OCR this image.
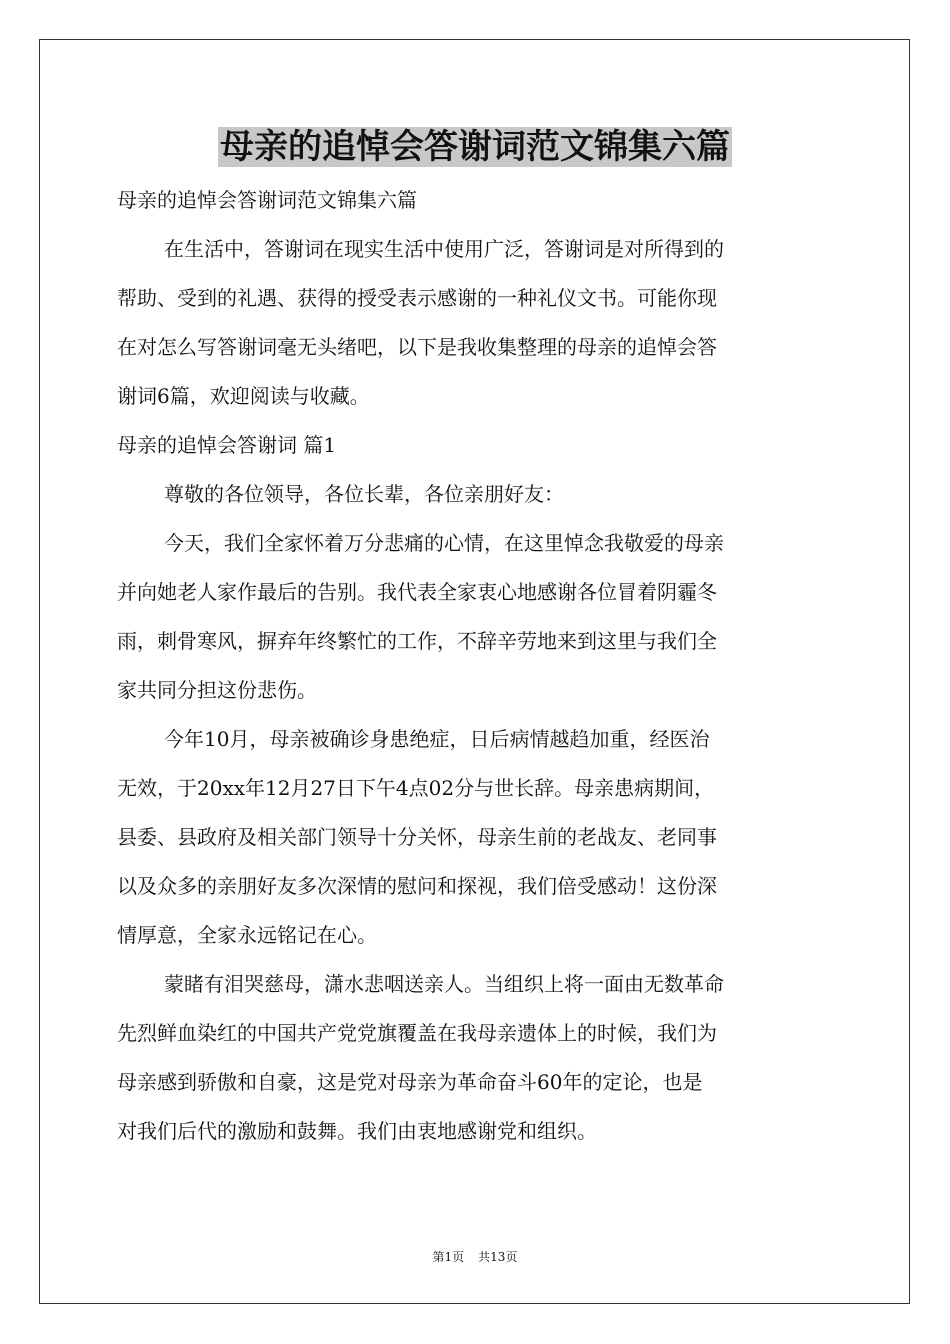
母亲的追悼会答谢词范文锦集六篇

母亲的追悼会答谢词范文锦集六篇

在生活中，答谢词在现实生活中使用广泛，答谢词是对所得到的

帮助、受到的礼遇、获得的授受表示感谢的一种礼仪文书。可能你现

在对怎么写答谢词毫无头绪吧，以下是我收集整理的母亲的追悼会答

谢词6篇，欢迎阅读与收藏。

母亲的追悼会答谢词 篇1

尊敬的各位领导，各位长辈，各位亲朋好友：

今天，我们全家怀着万分悲痛的心情，在这里悼念我敬爱的母亲

并向她老人家作最后的告别。我代表全家衷心地感谢各位冒着阴霾冬

雨，刺骨寒风，摒弃年终繁忙的工作，不辞辛劳地来到这里与我们全

家共同分担这份悲伤。

今年10月，母亲被确诊身患绝症，日后病情越趋加重，经医治

无效，于20xx年12月27日下午4点02分与世长辞。母亲患病期间，

县委、县政府及相关部门领导十分关怀，母亲生前的老战友、老同事

以及众多的亲朋好友多次深情的慰问和探视，我们倍受感动！这份深

情厚意，全家永远铭记在心。

蒙睹有泪哭慈母，潇水悲咽送亲人。当组织上将一面由无数革命

先烈鲜血染红的中国共产党党旗覆盖在我母亲遗体上的时候，我们为

母亲感到骄傲和自豪，这是党对母亲为革命奋斗60年的定论，也是

对我们后代的激励和鼓舞。我们由衷地感谢党和组织。

第1页 共13页
